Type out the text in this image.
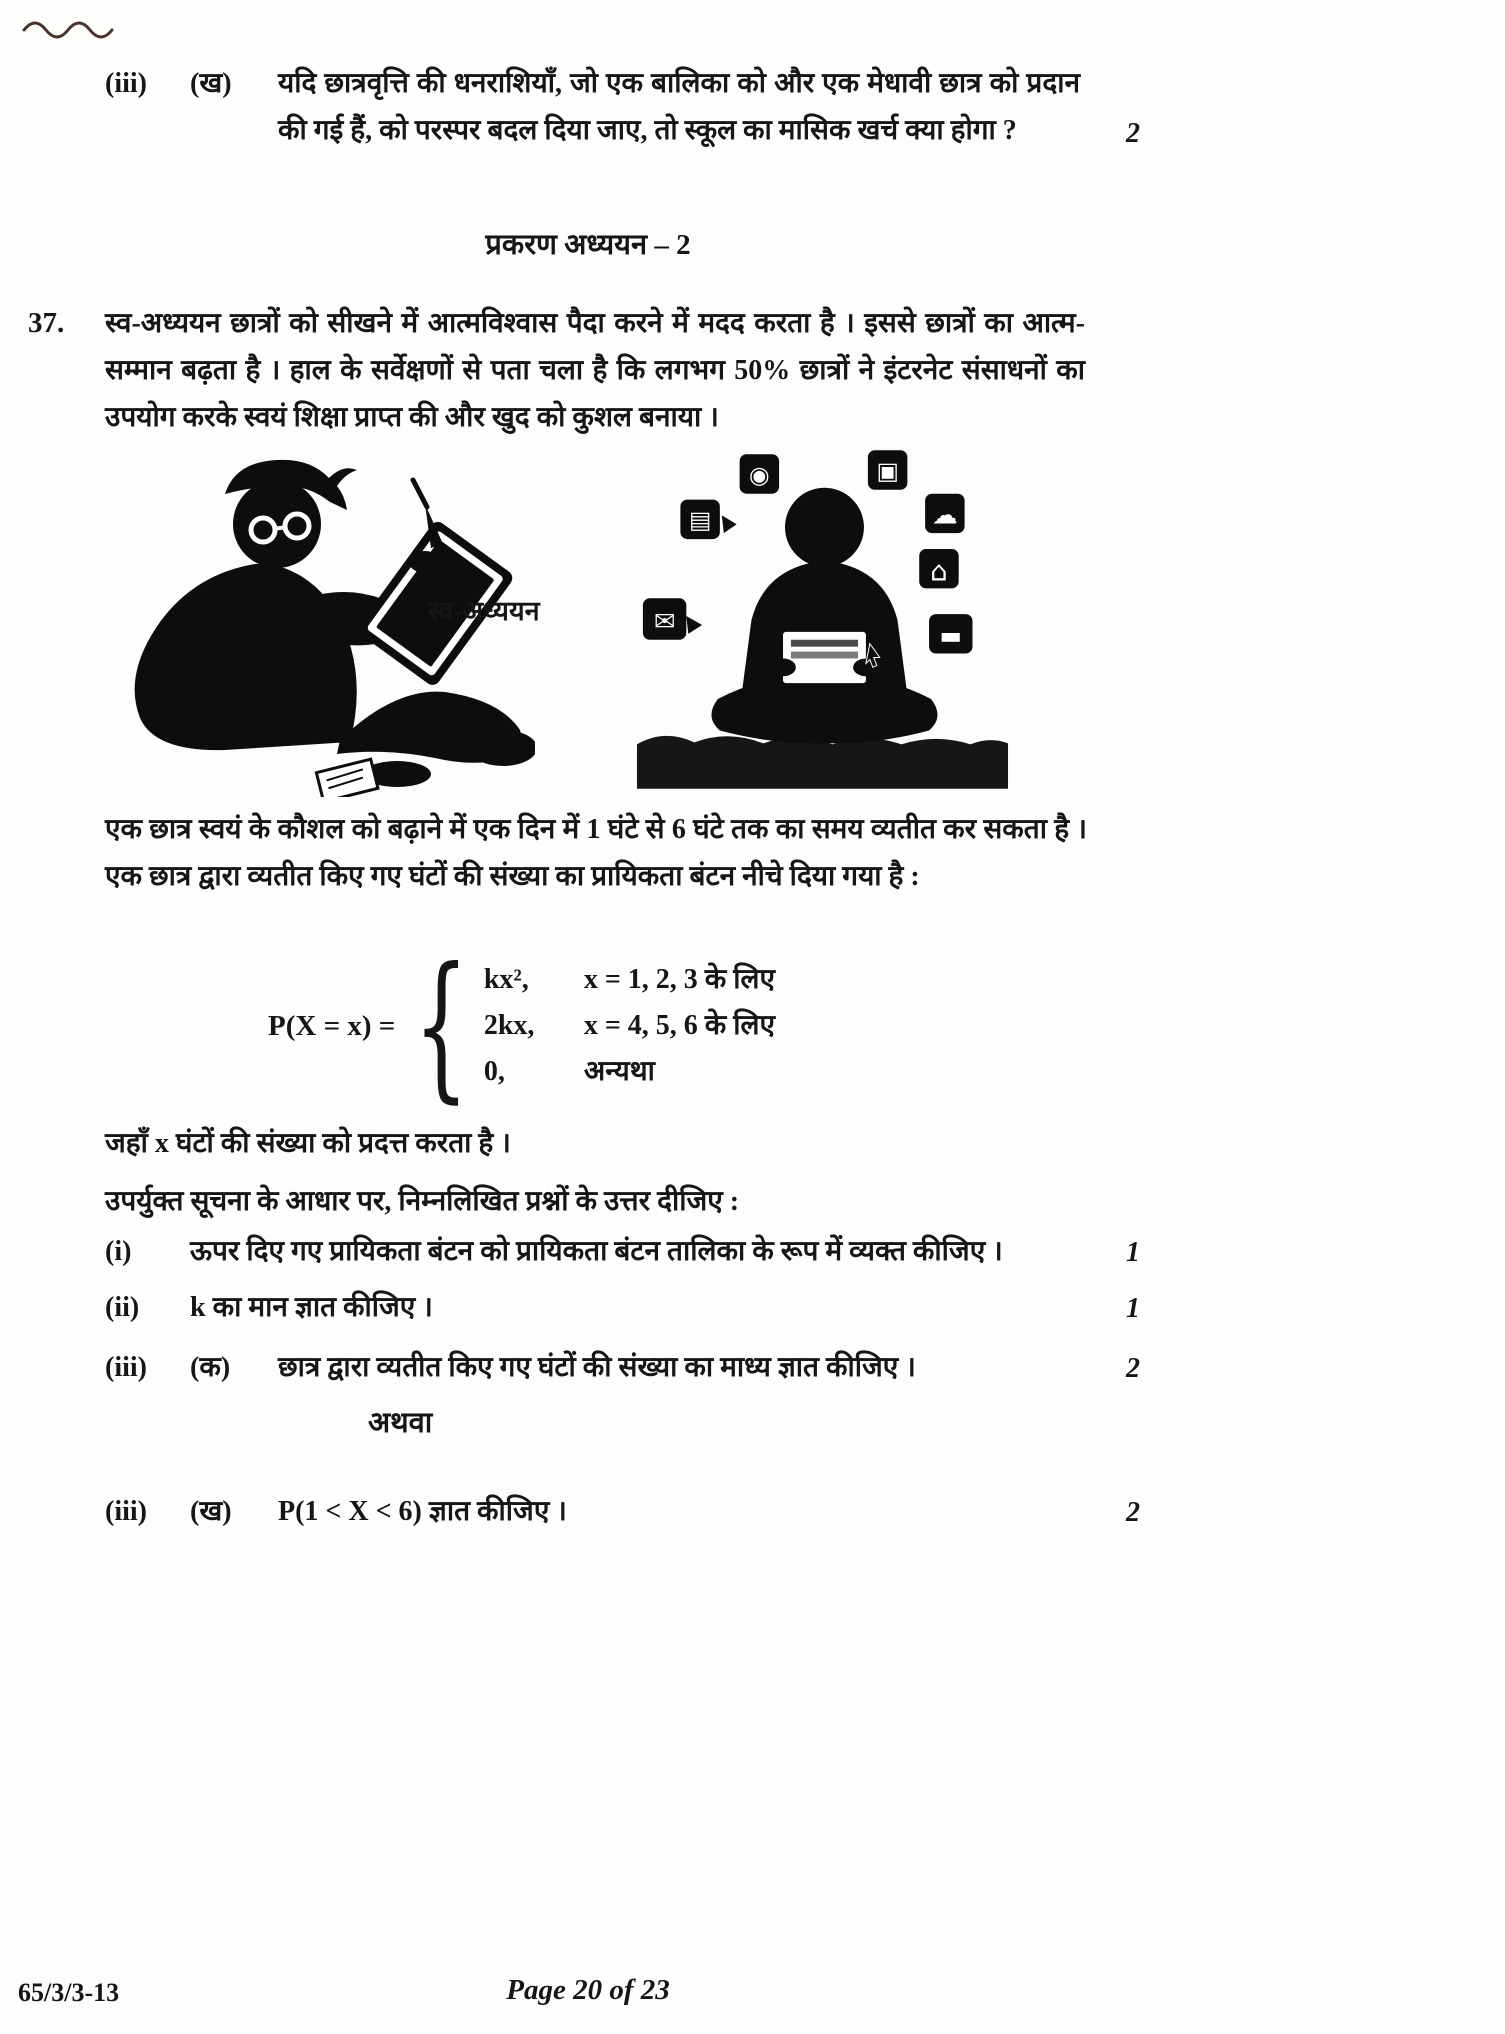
(iii)	(ख)	यदि छात्रवृत्ति की धनराशियाँ, जो एक बालिका को और एक मेधावी छात्र को प्रदान की गई हैं, को परस्पर बदल दिया जाए, तो स्कूल का मासिक खर्च क्या होगा ?	2
प्रकरण अध्ययन – 2
37.	स्व-अध्ययन छात्रों को सीखने में आत्मविश्वास पैदा करने में मदद करता है । इससे छात्रों का आत्म-सम्मान बढ़ता है । हाल के सर्वेक्षणों से पता चला है कि लगभग 50% छात्रों ने इंटरनेट संसाधनों का उपयोग करके स्वयं शिक्षा प्राप्त की और खुद को कुशल बनाया ।
स्व-अध्ययन
◉	▣
▤	☁
✉
⌂
▬
एक छात्र स्वयं के कौशल को बढ़ाने में एक दिन में 1 घंटे से 6 घंटे तक का समय व्यतीत कर सकता है । एक छात्र द्वारा व्यतीत किए गए घंटों की संख्या का प्रायिकता बंटन नीचे दिया गया है :
P(X = x) = { kx²,	x = 1, 2, 3 के लिए
2kx,	x = 4, 5, 6 के लिए
0,	अन्यथा
जहाँ x घंटों की संख्या को प्रदत्त करता है ।
उपर्युक्त सूचना के आधार पर, निम्नलिखित प्रश्नों के उत्तर दीजिए :
(i)	ऊपर दिए गए प्रायिकता बंटन को प्रायिकता बंटन तालिका के रूप में व्यक्त कीजिए ।	1
(ii)	k का मान ज्ञात कीजिए ।	1
(iii)	(क)	छात्र द्वारा व्यतीत किए गए घंटों की संख्या का माध्य ज्ञात कीजिए ।	2
अथवा
(iii)	(ख)	P(1 < X < 6) ज्ञात कीजिए ।	2
65/3/3-13	Page 20 of 23
